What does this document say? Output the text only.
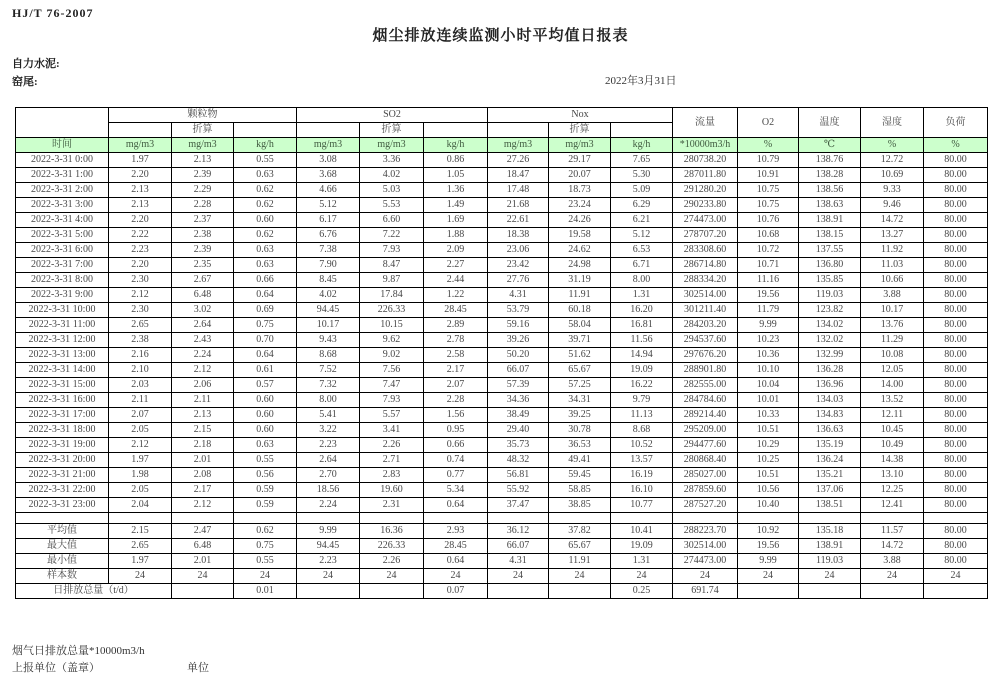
HJ/T 76-2007
烟尘排放连续监测小时平均值日报表
自力水泥:
窑尾:	2022年3月31日
	颗粒物			SO2			Nox			流量	O2	温度	湿度	负荷
		折算			折算			折算						
时间	mg/m3	mg/m3	kg/h	mg/m3	mg/m3	kg/h	mg/m3	mg/m3	kg/h	*10000m3/h	%	℃	%	%
2022-3-31 0:00	1.97	2.13	0.55	3.08	3.36	0.86	27.26	29.17	7.65	280738.20	10.79	138.76	12.72	80.00
2022-3-31 1:00	2.20	2.39	0.63	3.68	4.02	1.05	18.47	20.07	5.30	287011.80	10.91	138.28	10.69	80.00
2022-3-31 2:00	2.13	2.29	0.62	4.66	5.03	1.36	17.48	18.73	5.09	291280.20	10.75	138.56	9.33	80.00
2022-3-31 3:00	2.13	2.28	0.62	5.12	5.53	1.49	21.68	23.24	6.29	290233.80	10.75	138.63	9.46	80.00
2022-3-31 4:00	2.20	2.37	0.60	6.17	6.60	1.69	22.61	24.26	6.21	274473.00	10.76	138.91	14.72	80.00
2022-3-31 5:00	2.22	2.38	0.62	6.76	7.22	1.88	18.38	19.58	5.12	278707.20	10.68	138.15	13.27	80.00
2022-3-31 6:00	2.23	2.39	0.63	7.38	7.93	2.09	23.06	24.62	6.53	283308.60	10.72	137.55	11.92	80.00
2022-3-31 7:00	2.20	2.35	0.63	7.90	8.47	2.27	23.42	24.98	6.71	286714.80	10.71	136.80	11.03	80.00
2022-3-31 8:00	2.30	2.67	0.66	8.45	9.87	2.44	27.76	31.19	8.00	288334.20	11.16	135.85	10.66	80.00
2022-3-31 9:00	2.12	6.48	0.64	4.02	17.84	1.22	4.31	11.91	1.31	302514.00	19.56	119.03	3.88	80.00
2022-3-31 10:00	2.30	3.02	0.69	94.45	226.33	28.45	53.79	60.18	16.20	301211.40	11.79	123.82	10.17	80.00
2022-3-31 11:00	2.65	2.64	0.75	10.17	10.15	2.89	59.16	58.04	16.81	284203.20	9.99	134.02	13.76	80.00
2022-3-31 12:00	2.38	2.43	0.70	9.43	9.62	2.78	39.26	39.71	11.56	294537.60	10.23	132.02	11.29	80.00
2022-3-31 13:00	2.16	2.24	0.64	8.68	9.02	2.58	50.20	51.62	14.94	297676.20	10.36	132.99	10.08	80.00
2022-3-31 14:00	2.10	2.12	0.61	7.52	7.56	2.17	66.07	65.67	19.09	288901.80	10.10	136.28	12.05	80.00
2022-3-31 15:00	2.03	2.06	0.57	7.32	7.47	2.07	57.39	57.25	16.22	282555.00	10.04	136.96	14.00	80.00
2022-3-31 16:00	2.11	2.11	0.60	8.00	7.93	2.28	34.36	34.31	9.79	284784.60	10.01	134.03	13.52	80.00
2022-3-31 17:00	2.07	2.13	0.60	5.41	5.57	1.56	38.49	39.25	11.13	289214.40	10.33	134.83	12.11	80.00
2022-3-31 18:00	2.05	2.15	0.60	3.22	3.41	0.95	29.40	30.78	8.68	295209.00	10.51	136.63	10.45	80.00
2022-3-31 19:00	2.12	2.18	0.63	2.23	2.26	0.66	35.73	36.53	10.52	294477.60	10.29	135.19	10.49	80.00
2022-3-31 20:00	1.97	2.01	0.55	2.64	2.71	0.74	48.32	49.41	13.57	280868.40	10.25	136.24	14.38	80.00
2022-3-31 21:00	1.98	2.08	0.56	2.70	2.83	0.77	56.81	59.45	16.19	285027.00	10.51	135.21	13.10	80.00
2022-3-31 22:00	2.05	2.17	0.59	18.56	19.60	5.34	55.92	58.85	16.10	287859.60	10.56	137.06	12.25	80.00
2022-3-31 23:00	2.04	2.12	0.59	2.24	2.31	0.64	37.47	38.85	10.77	287527.20	10.40	138.51	12.41	80.00

平均值	2.15	2.47	0.62	9.99	16.36	2.93	36.12	37.82	10.41	288223.70	10.92	135.18	11.57	80.00
最大值	2.65	6.48	0.75	94.45	226.33	28.45	66.07	65.67	19.09	302514.00	19.56	138.91	14.72	80.00
最小值	1.97	2.01	0.55	2.23	2.26	0.64	4.31	11.91	1.31	274473.00	9.99	119.03	3.88	80.00
样本数	24	24	24	24	24	24	24	24	24	24	24	24	24	24
日排放总量（t/d）			0.01			0.07			0.25	691.74				
烟气日排放总量*10000m3/h
上报单位（盖章）	单位
